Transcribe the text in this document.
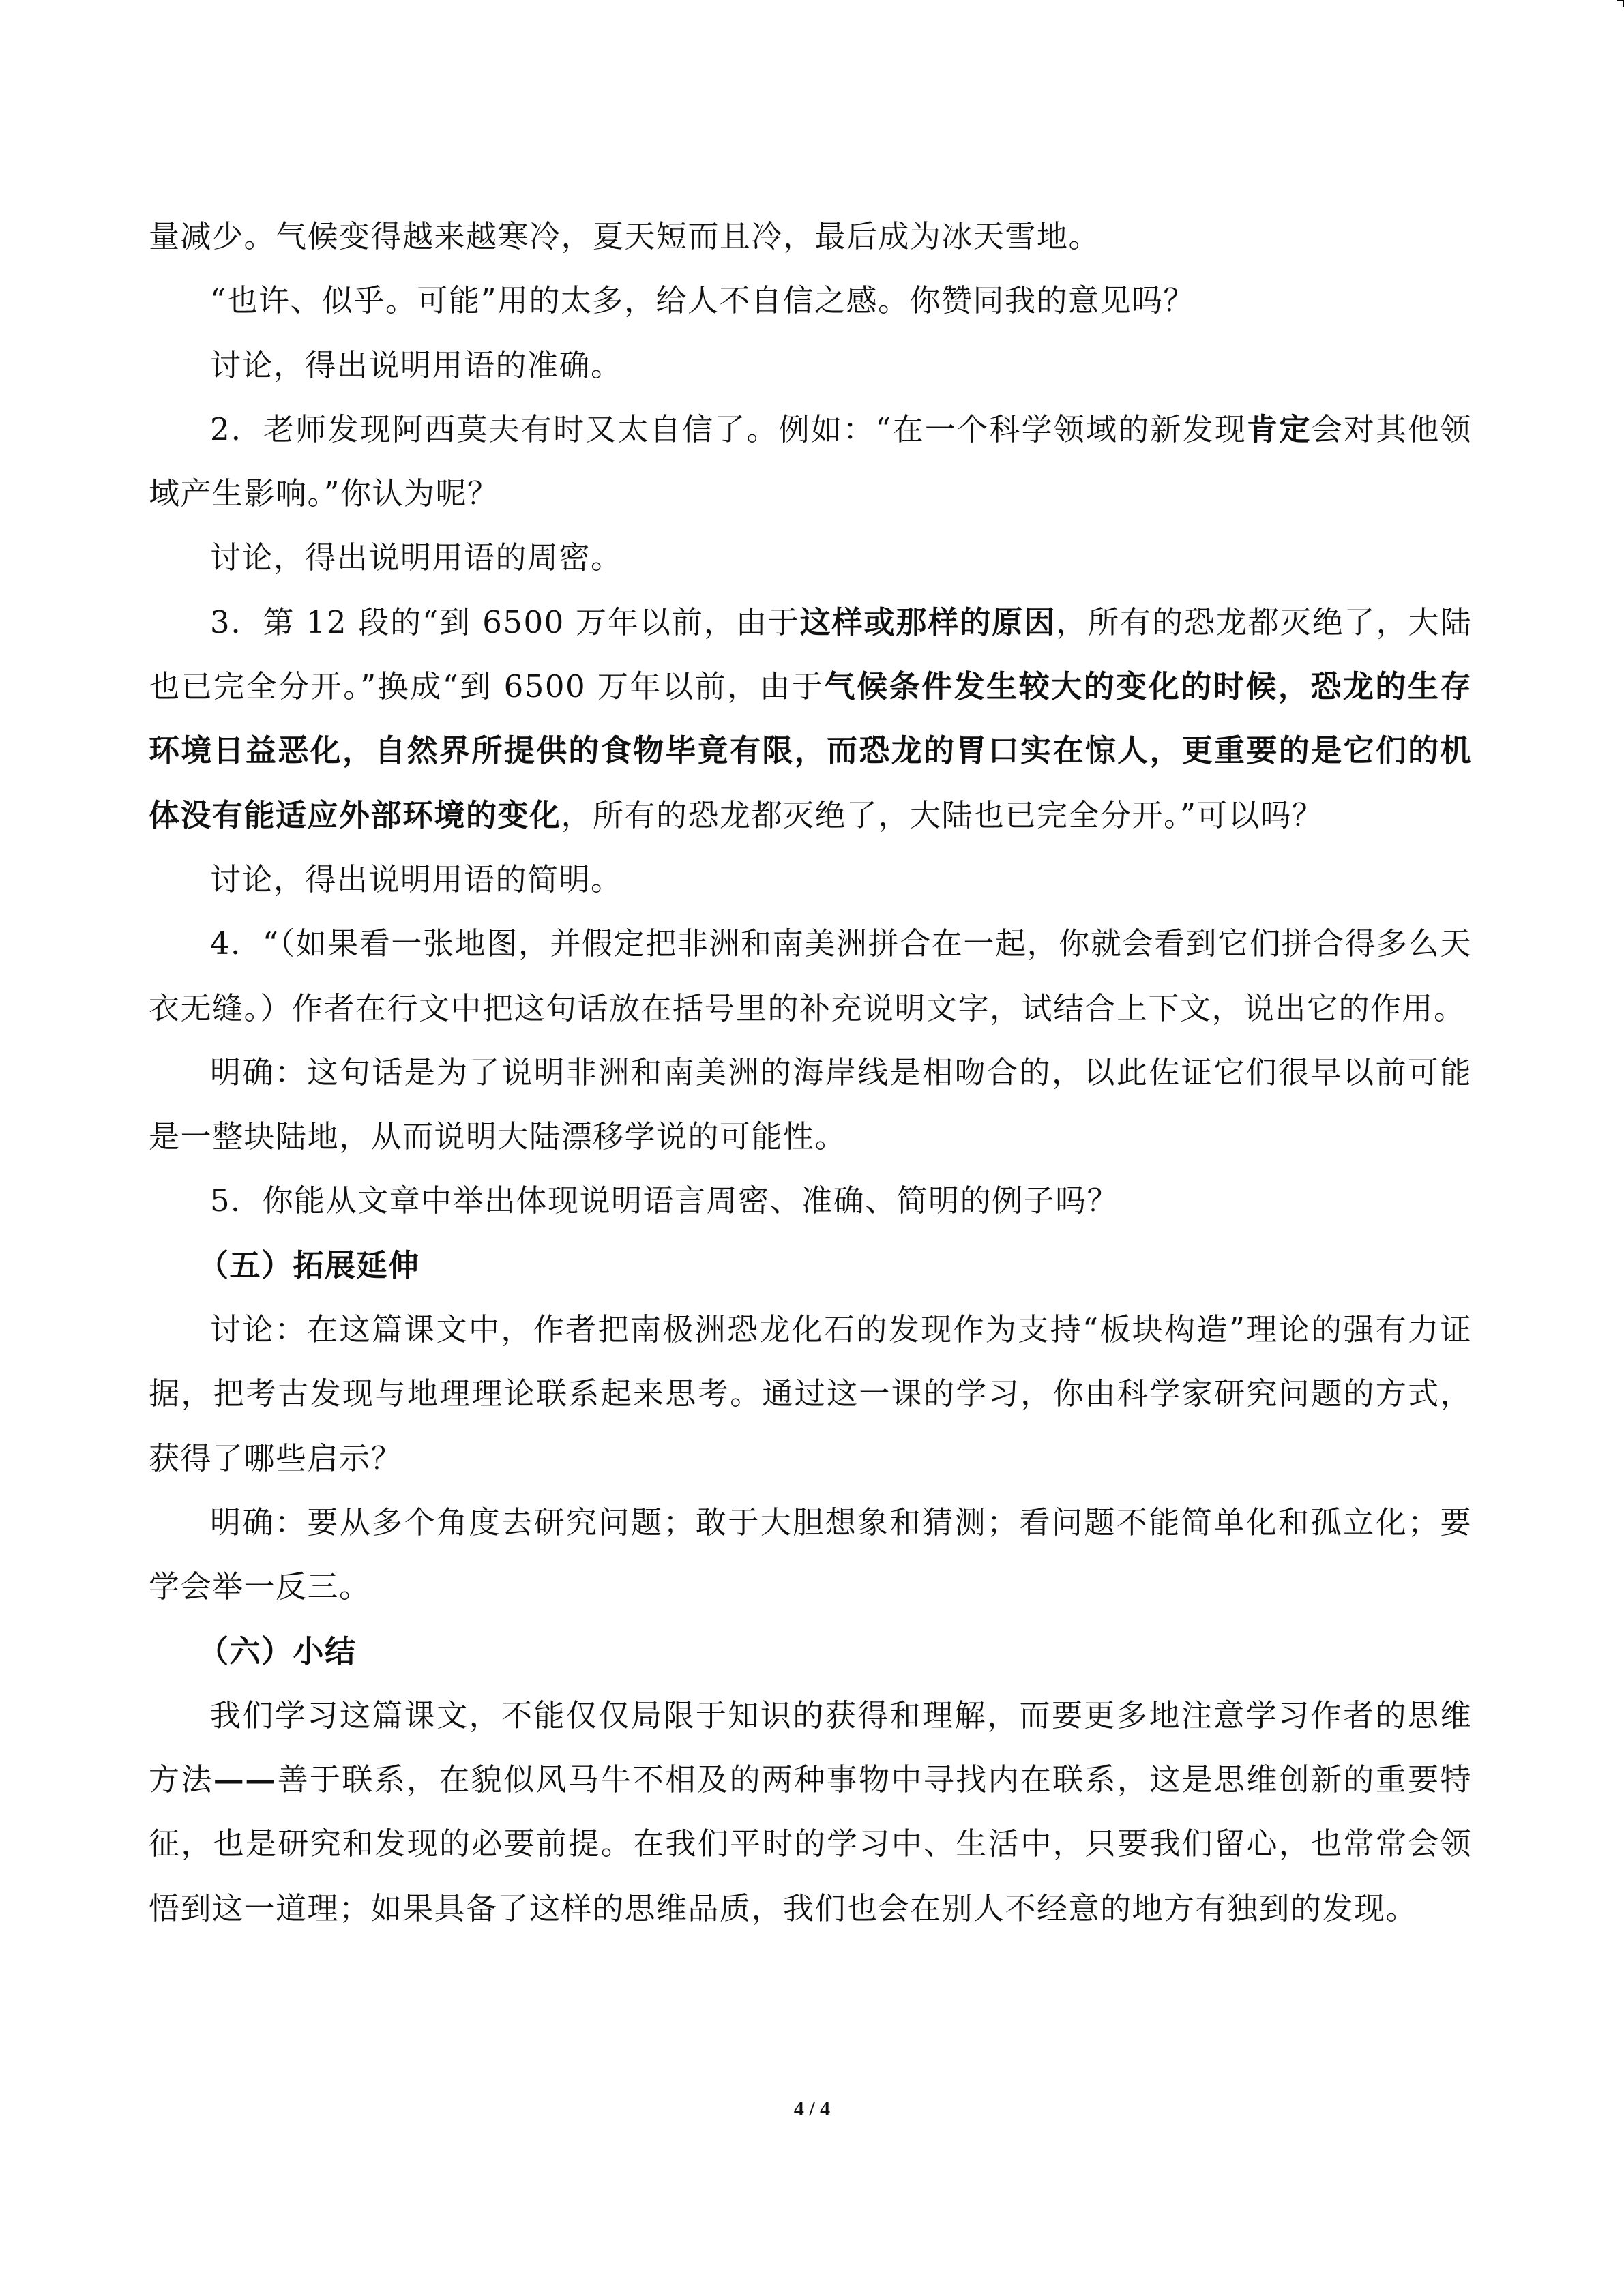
量减少。气候变得越来越寒冷，夏天短而且冷，最后成为冰天雪地。

“也许、似乎。可能”用的太多，给人不自信之感。你赞同我的意见吗？

讨论，得出说明用语的准确。

2．老师发现阿西莫夫有时又太自信了。例如：“在一个科学领域的新发现肯定会对其他领域产生影响。”你认为呢？

讨论，得出说明用语的周密。

3．第 12 段的“到 6500 万年以前，由于这样或那样的原因，所有的恐龙都灭绝了，大陆也已完全分开。”换成“到 6500 万年以前，由于气候条件发生较大的变化的时候，恐龙的生存环境日益恶化，自然界所提供的食物毕竟有限，而恐龙的胃口实在惊人，更重要的是它们的机体没有能适应外部环境的变化，所有的恐龙都灭绝了，大陆也已完全分开。”可以吗？

讨论，得出说明用语的简明。

4．“（如果看一张地图，并假定把非洲和南美洲拼合在一起，你就会看到它们拼合得多么天衣无缝。）作者在行文中把这句话放在括号里的补充说明文字，试结合上下文，说出它的作用。

明确：这句话是为了说明非洲和南美洲的海岸线是相吻合的，以此佐证它们很早以前可能是一整块陆地，从而说明大陆漂移学说的可能性。

5．你能从文章中举出体现说明语言周密、准确、简明的例子吗？

（五）拓展延伸

讨论：在这篇课文中，作者把南极洲恐龙化石的发现作为支持“板块构造”理论的强有力证据，把考古发现与地理理论联系起来思考。通过这一课的学习，你由科学家研究问题的方式，获得了哪些启示？

明确：要从多个角度去研究问题；敢于大胆想象和猜测；看问题不能简单化和孤立化；要学会举一反三。

（六）小结

我们学习这篇课文，不能仅仅局限于知识的获得和理解，而要更多地注意学习作者的思维方法——善于联系，在貌似风马牛不相及的两种事物中寻找内在联系，这是思维创新的重要特征，也是研究和发现的必要前提。在我们平时的学习中、生活中，只要我们留心，也常常会领悟到这一道理；如果具备了这样的思维品质，我们也会在别人不经意的地方有独到的发现。

4 / 4
